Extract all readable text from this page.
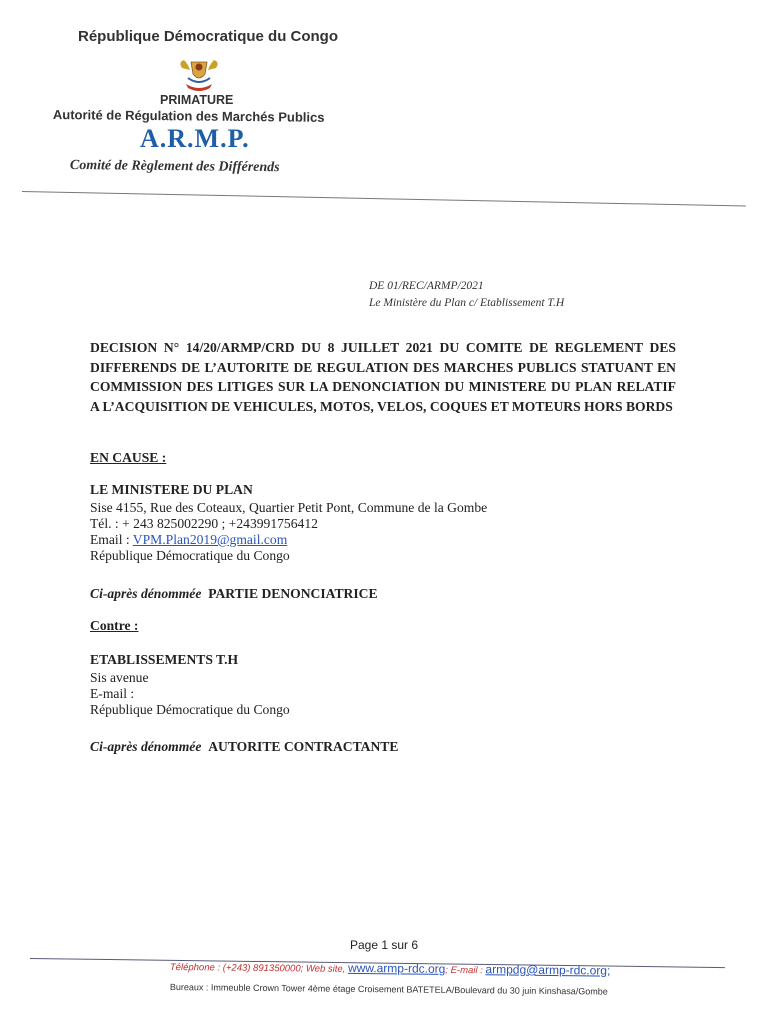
République Démocratique du Congo
PRIMATURE
Autorité de Régulation des Marchés Publics
A.R.M.P.
Comité de Règlement des Différends
DE 01/REC/ARMP/2021
Le Ministère du Plan c/ Etablissement T.H
DECISION N° 14/20/ARMP/CRD DU 8 JUILLET 2021 DU COMITE DE REGLEMENT DES DIFFERENDS DE L’AUTORITE DE REGULATION DES MARCHES PUBLICS STATUANT EN COMMISSION DES LITIGES SUR LA DENONCIATION DU MINISTERE DU PLAN RELATIF A L’ACQUISITION DE VEHICULES, MOTOS, VELOS, COQUES ET MOTEURS HORS BORDS
EN CAUSE :
LE MINISTERE DU PLAN
Sise 4155, Rue des Coteaux, Quartier Petit Pont, Commune de la Gombe
Tél. : + 243 825002290 ; +243991756412
Email : VPM.Plan2019@gmail.com
République Démocratique du Congo
Ci-après dénommée PARTIE DENONCIATRICE
Contre :
ETABLISSEMENTS T.H
Sis avenue
E-mail :
République Démocratique du Congo
Ci-après dénommée AUTORITE CONTRACTANTE
Page 1 sur 6
Téléphone : (+243) 891350000; Web site, www.armp-rdc.org; E-mail : armpdg@armp-rdc.org;
Bureaux : Immeuble Crown Tower 4ème étage Croisement BATETELA/Boulevard du 30 juin Kinshasa/Gombe
